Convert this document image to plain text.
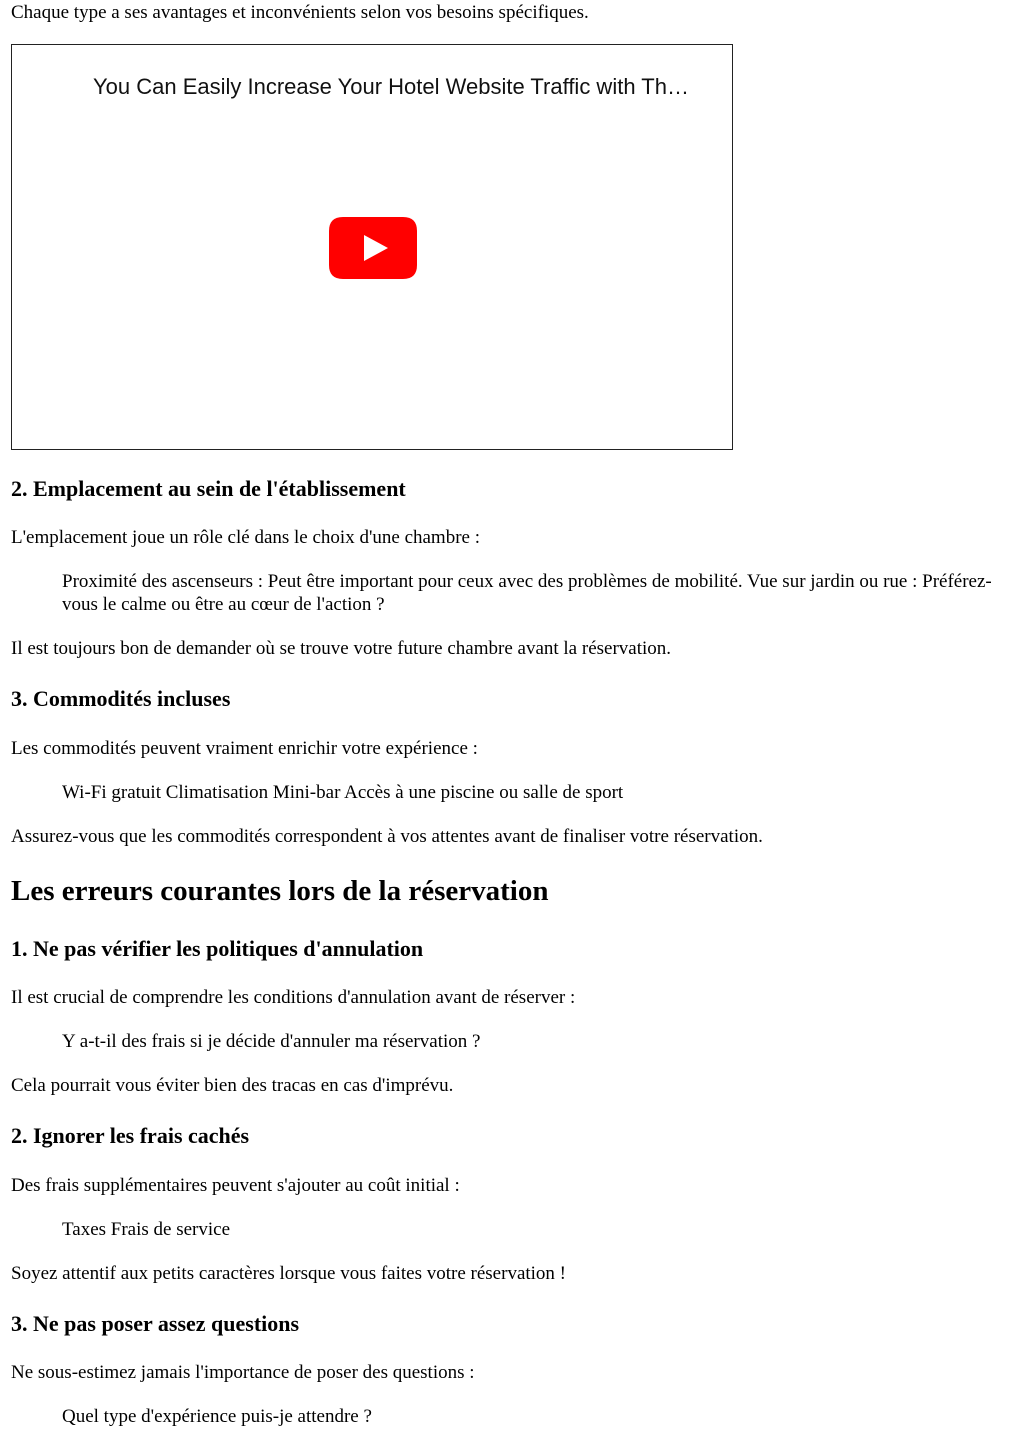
Chaque type a ses avantages et inconvénients selon vos besoins spécifiques.

You Can Easily Increase Your Hotel Website Traffic with Th…
2. Emplacement au sein de l'établissement

L'emplacement joue un rôle clé dans le choix d'une chambre :

Proximité des ascenseurs : Peut être important pour ceux avec des problèmes de mobilité. Vue sur jardin ou rue : Préférez-vous le calme ou être au cœur de l'action ?

Il est toujours bon de demander où se trouve votre future chambre avant la réservation.

3. Commodités incluses

Les commodités peuvent vraiment enrichir votre expérience :

Wi-Fi gratuit Climatisation Mini-bar Accès à une piscine ou salle de sport

Assurez-vous que les commodités correspondent à vos attentes avant de finaliser votre réservation.

Les erreurs courantes lors de la réservation
1. Ne pas vérifier les politiques d'annulation

Il est crucial de comprendre les conditions d'annulation avant de réserver :

Y a-t-il des frais si je décide d'annuler ma réservation ?

Cela pourrait vous éviter bien des tracas en cas d'imprévu.

2. Ignorer les frais cachés

Des frais supplémentaires peuvent s'ajouter au coût initial :

Taxes Frais de service

Soyez attentif aux petits caractères lorsque vous faites votre réservation !

3. Ne pas poser assez questions

Ne sous-estimez jamais l'importance de poser des questions :

Quel type d'expérience puis-je attendre ?
